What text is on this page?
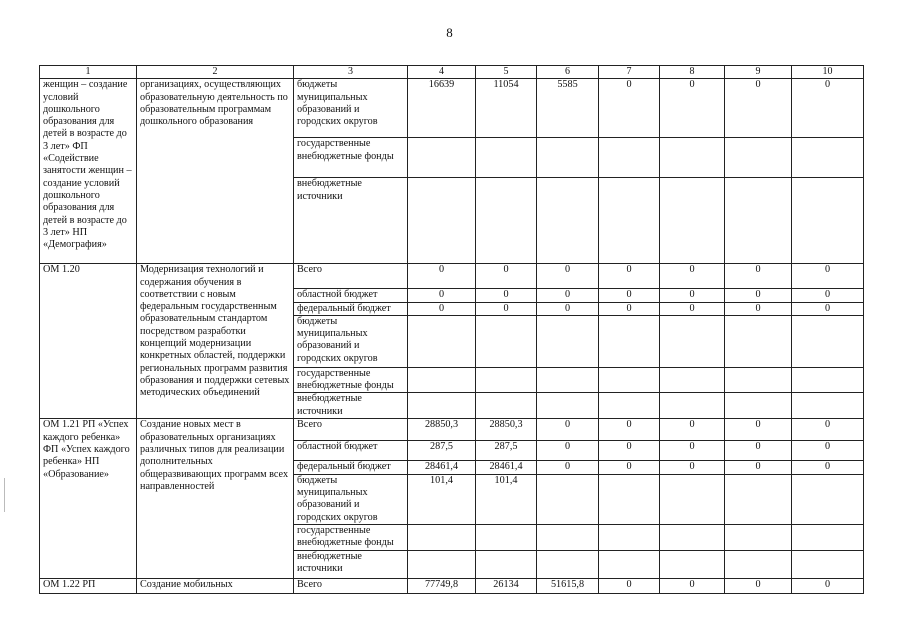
8
1	2	3	4	5	6	7	8	9	10
женщин – создание условий дошкольного образования для детей в возрасте до 3 лет» ФП «Содействие занятости женщин – создание условий дошкольного образования для детей в возрасте до 3 лет» НП «Демография»	организациях, осуществляющих образовательную деятельность по образовательным программам дошкольного образования	бюджеты муниципальных образований и городских округов	16639	11054	5585	0	0	0	0
		государственные внебюджетные фонды							
		внебюджетные источники							
ОМ 1.20	Модернизация технологий и содержания обучения в соответствии с новым федеральным государственным образовательным стандартом посредством разработки концепций модернизации конкретных областей, поддержки региональных программ развития образования и поддержки сетевых методических объединений	Всего	0	0	0	0	0	0	0
		областной бюджет	0	0	0	0	0	0	0
		федеральный бюджет	0	0	0	0	0	0	0
		бюджеты муниципальных образований и городских округов							
		государственные внебюджетные фонды							
		внебюджетные источники							
ОМ 1.21 РП «Успех каждого ребенка» ФП «Успех каждого ребенка» НП «Образование»	Создание новых мест в образовательных организациях различных типов для реализации дополнительных общеразвивающих программ всех направленностей	Всего	28850,3	28850,3	0	0	0	0	0
		областной бюджет	287,5	287,5	0	0	0	0	0
		федеральный бюджет	28461,4	28461,4	0	0	0	0	0
		бюджеты муниципальных образований и городских округов	101,4	101,4					
		государственные внебюджетные фонды							
		внебюджетные источники							
ОМ 1.22 РП	Создание мобильных	Всего	77749,8	26134	51615,8	0	0	0	0
